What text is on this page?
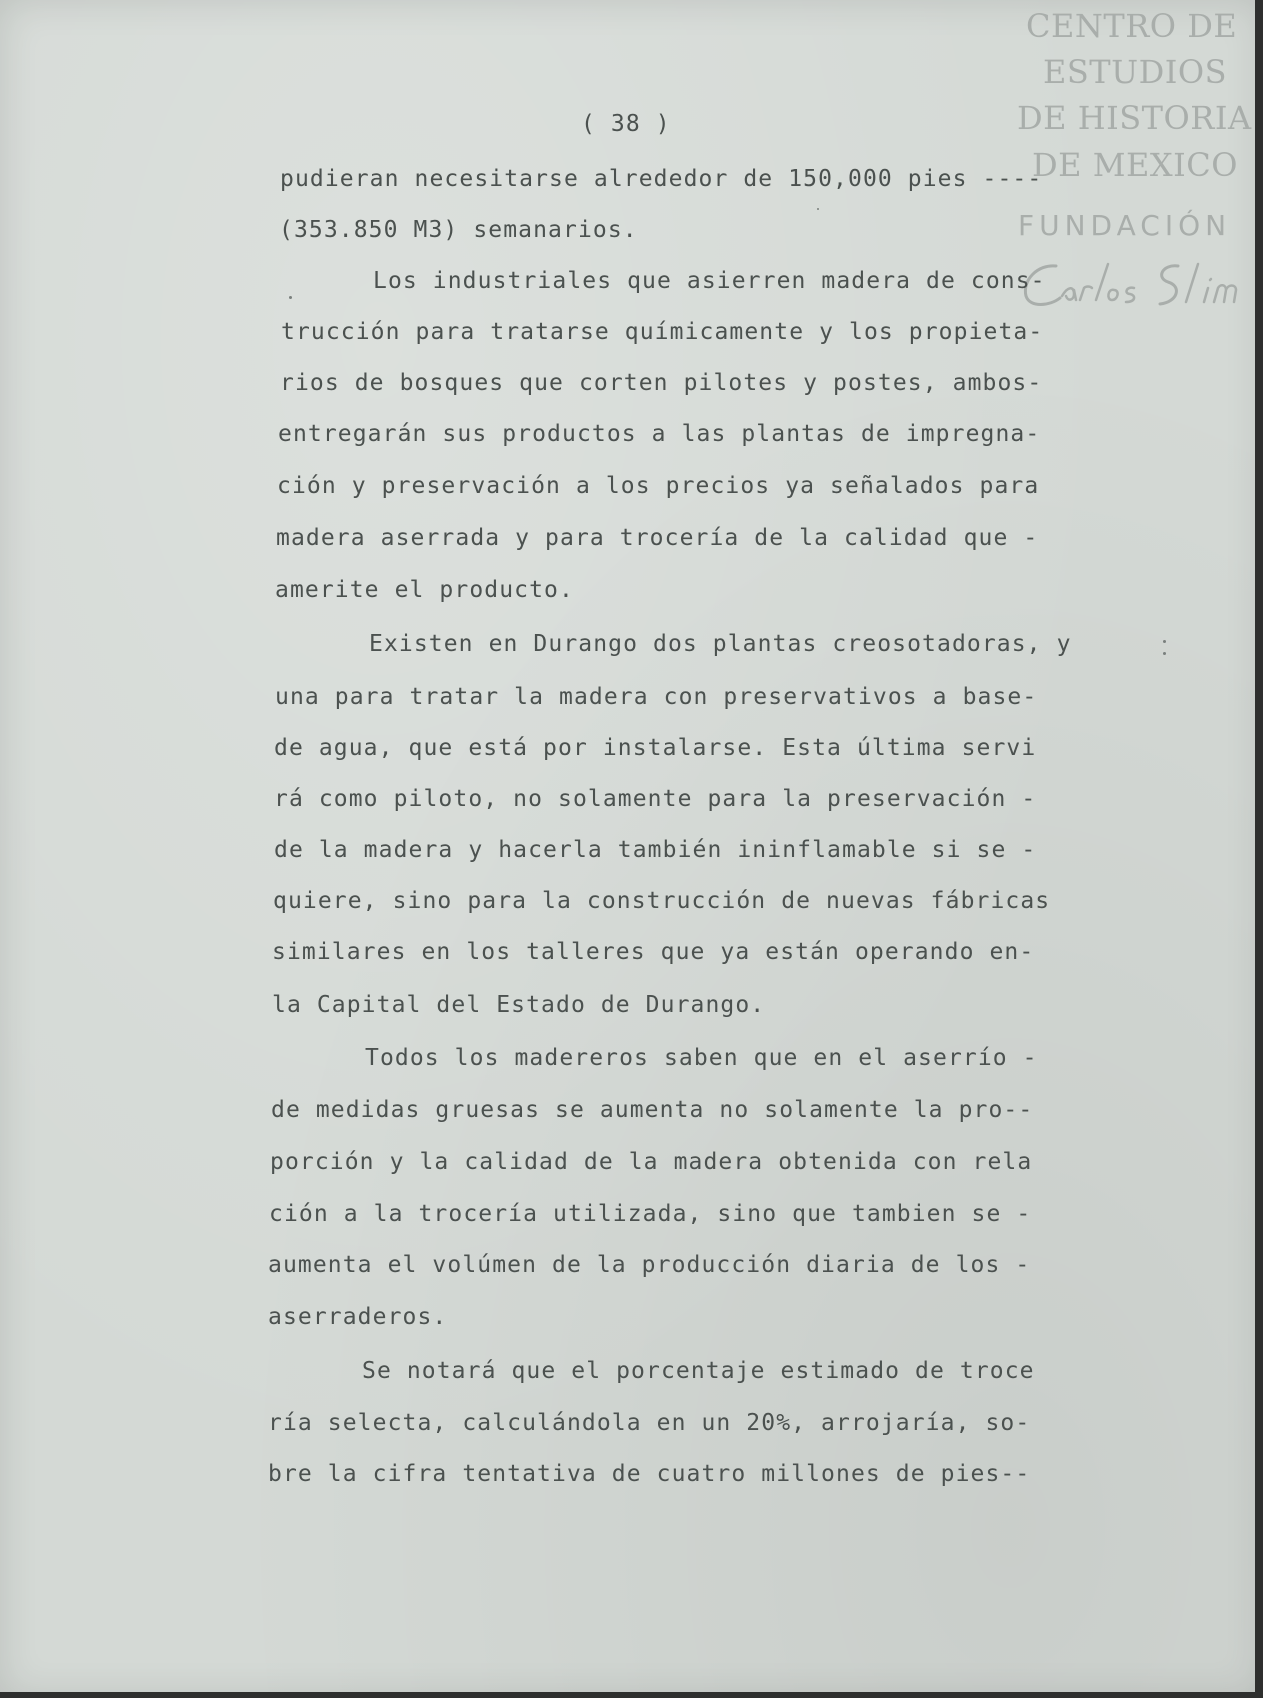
CENTRO DE
ESTUDIOS
DE HISTORIA
DE MEXICO
FUNDACIÓN
( 38 )
pudieran necesitarse alrededor de 150,000 pies ----
(353.850 M3) semanarios.
Los industriales que asierren madera de cons-
trucción para tratarse químicamente y los propieta-
rios de bosques que corten pilotes y postes, ambos-
entregarán sus productos a las plantas de impregna-
ción y preservación a los precios ya señalados para
madera aserrada y para trocería de la calidad que -
amerite el producto.
Existen en Durango dos plantas creosotadoras, y
una para tratar la madera con preservativos a base-
de agua, que está por instalarse. Esta última servi
rá como piloto, no solamente para la preservación -
de la madera y hacerla también ininflamable si se -
quiere, sino para la construcción de nuevas fábricas
similares en los talleres que ya están operando en-
la Capital del Estado de Durango.
Todos los madereros saben que en el aserrío -
de medidas gruesas se aumenta no solamente la pro--
porción y la calidad de la madera obtenida con rela
ción a la trocería utilizada, sino que tambien se -
aumenta el volúmen de la producción diaria de los -
aserraderos.
Se notará que el porcentaje estimado de troce
ría selecta, calculándola en un 20%, arrojaría, so-
bre la cifra tentativa de cuatro millones de pies--
